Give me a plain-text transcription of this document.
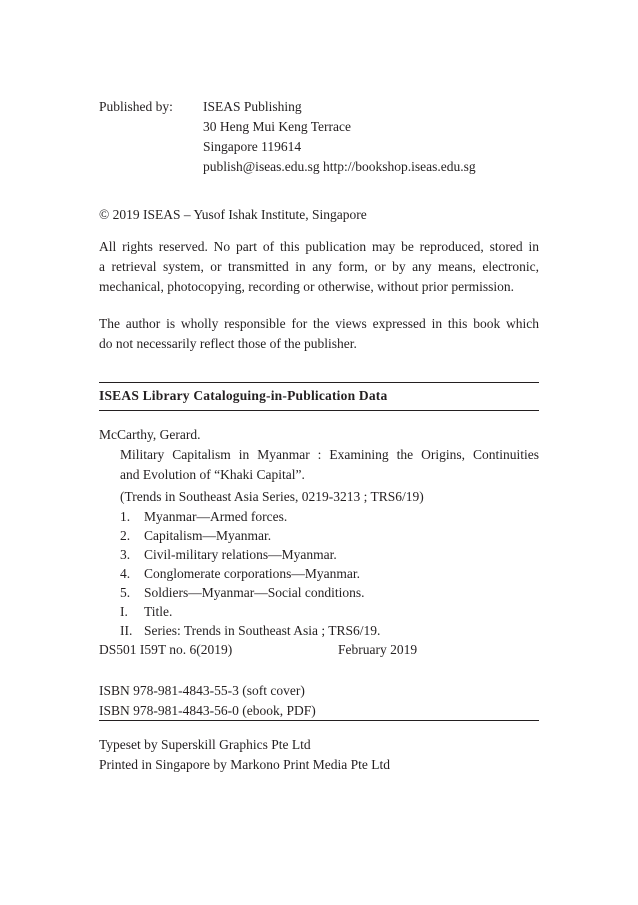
Published by: ISEAS Publishing
30 Heng Mui Keng Terrace
Singapore 119614
publish@iseas.edu.sg http://bookshop.iseas.edu.sg
© 2019 ISEAS – Yusof Ishak Institute, Singapore
All rights reserved. No part of this publication may be reproduced, stored in
a retrieval system, or transmitted in any form, or by any means, electronic,
mechanical, photocopying, recording or otherwise, without prior permission.
The author is wholly responsible for the views expressed in this book which
do not necessarily reflect those of the publisher.
ISEAS Library Cataloguing-in-Publication Data
McCarthy, Gerard.
Military Capitalism in Myanmar : Examining the Origins, Continuities
and Evolution of “Khaki Capital”.
(Trends in Southeast Asia Series, 0219-3213 ; TRS6/19)
1. Myanmar—Armed forces.
2. Capitalism—Myanmar.
3. Civil-military relations—Myanmar.
4. Conglomerate corporations—Myanmar.
5. Soldiers—Myanmar—Social conditions.
I. Title.
II. Series: Trends in Southeast Asia ; TRS6/19.
DS501 I59T no. 6(2019)	February 2019
ISBN 978-981-4843-55-3 (soft cover)
ISBN 978-981-4843-56-0 (ebook, PDF)
Typeset by Superskill Graphics Pte Ltd
Printed in Singapore by Markono Print Media Pte Ltd
